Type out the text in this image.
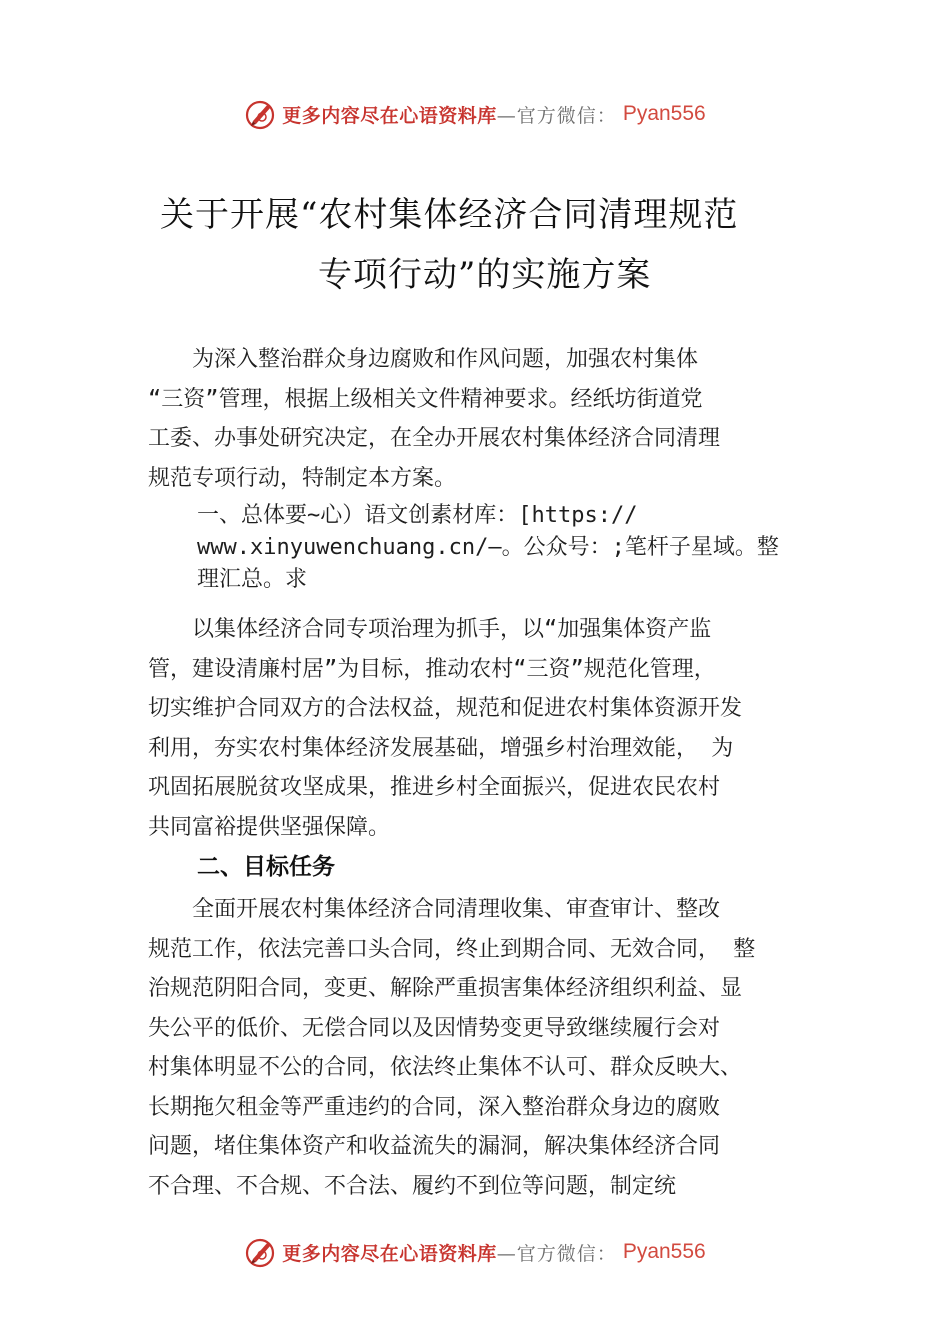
更多内容尽在心语资料库 —官方微信： Pyan556
关于开展“农村集体经济合同清理规范
专项行动”的实施方案
　　为深入整治群众身边腐败和作风问题，加强农村集体
“三资”管理，根据上级相关文件精神要求。经纸坊街道党
工委、办事处研究决定，在全办开展农村集体经济合同清理
规范专项行动，特制定本方案。
一、总体要~心）语文创素材库：[https://
www.xinyuwenchuang.cn/—。公众号：;笔杆子星域。整
理汇总。求
　　以集体经济合同专项治理为抓手，以“加强集体资产监
管，建设清廉村居”为目标，推动农村“三资”规范化管理，
切实维护合同双方的合法权益，规范和促进农村集体资源开发
利用，夯实农村集体经济发展基础，增强乡村治理效能， 为
巩固拓展脱贫攻坚成果，推进乡村全面振兴，促进农民农村
共同富裕提供坚强保障。
二、目标任务
　　全面开展农村集体经济合同清理收集、审查审计、整改
规范工作，依法完善口头合同，终止到期合同、无效合同， 整
治规范阴阳合同，变更、解除严重损害集体经济组织利益、显
失公平的低价、无偿合同以及因情势变更导致继续履行会对
村集体明显不公的合同，依法终止集体不认可、群众反映大、
长期拖欠租金等严重违约的合同，深入整治群众身边的腐败
问题，堵住集体资产和收益流失的漏洞，解决集体经济合同
不合理、不合规、不合法、履约不到位等问题，制定统
更多内容尽在心语资料库 —官方微信： Pyan556
